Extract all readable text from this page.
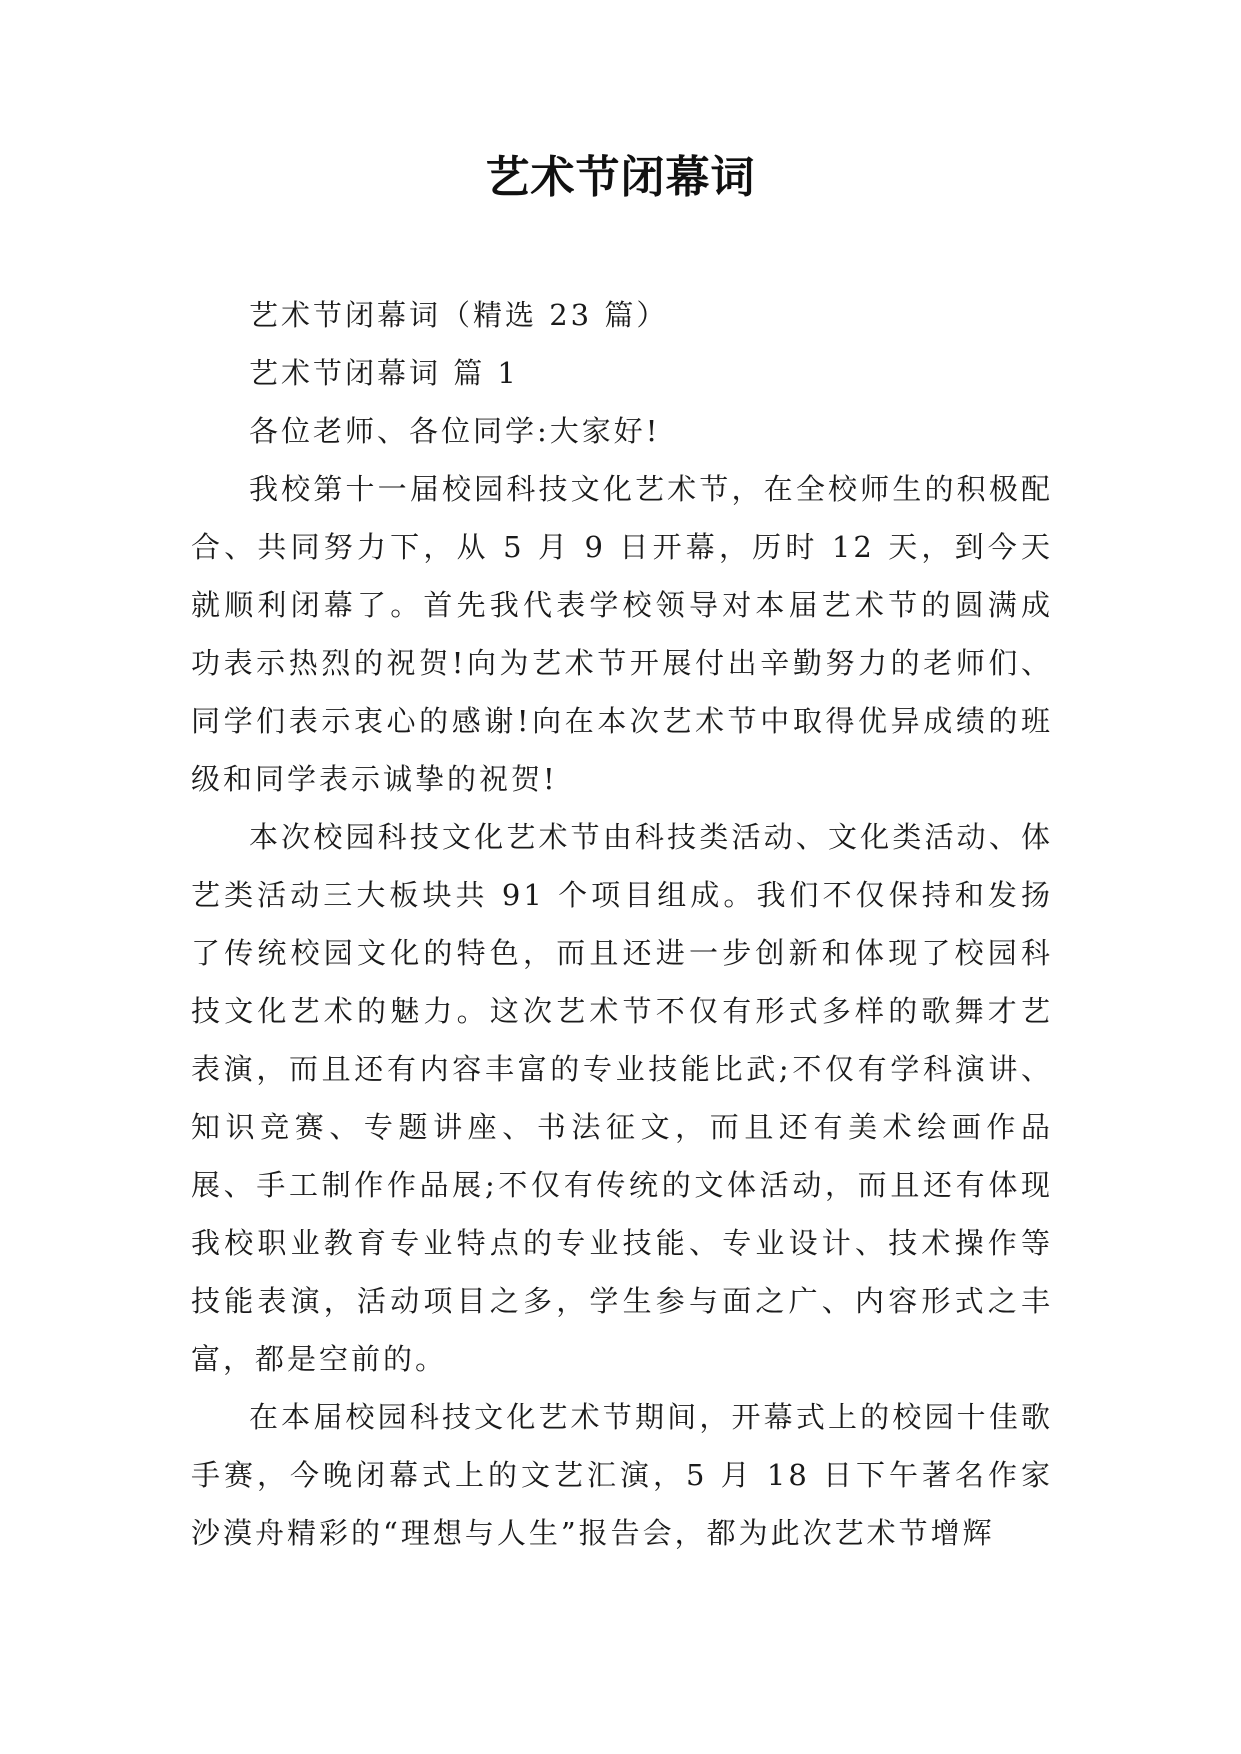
艺术节闭幕词

艺术节闭幕词（精选 23 篇）

艺术节闭幕词 篇 1

各位老师、各位同学:大家好!

我校第十一届校园科技文化艺术节，在全校师生的积极配合、共同努力下，从 5 月 9 日开幕，历时 12 天，到今天就顺利闭幕了。首先我代表学校领导对本届艺术节的圆满成功表示热烈的祝贺!向为艺术节开展付出辛勤努力的老师们、同学们表示衷心的感谢!向在本次艺术节中取得优异成绩的班级和同学表示诚挚的祝贺!

本次校园科技文化艺术节由科技类活动、文化类活动、体艺类活动三大板块共 91 个项目组成。我们不仅保持和发扬了传统校园文化的特色，而且还进一步创新和体现了校园科技文化艺术的魅力。这次艺术节不仅有形式多样的歌舞才艺表演，而且还有内容丰富的专业技能比武;不仅有学科演讲、知识竞赛、专题讲座、书法征文，而且还有美术绘画作品展、手工制作作品展;不仅有传统的文体活动，而且还有体现我校职业教育专业特点的专业技能、专业设计、技术操作等技能表演，活动项目之多，学生参与面之广、内容形式之丰富，都是空前的。

在本届校园科技文化艺术节期间，开幕式上的校园十佳歌手赛，今晚闭幕式上的文艺汇演，5 月 18 日下午著名作家沙漠舟精彩的“理想与人生”报告会，都为此次艺术节增辉
